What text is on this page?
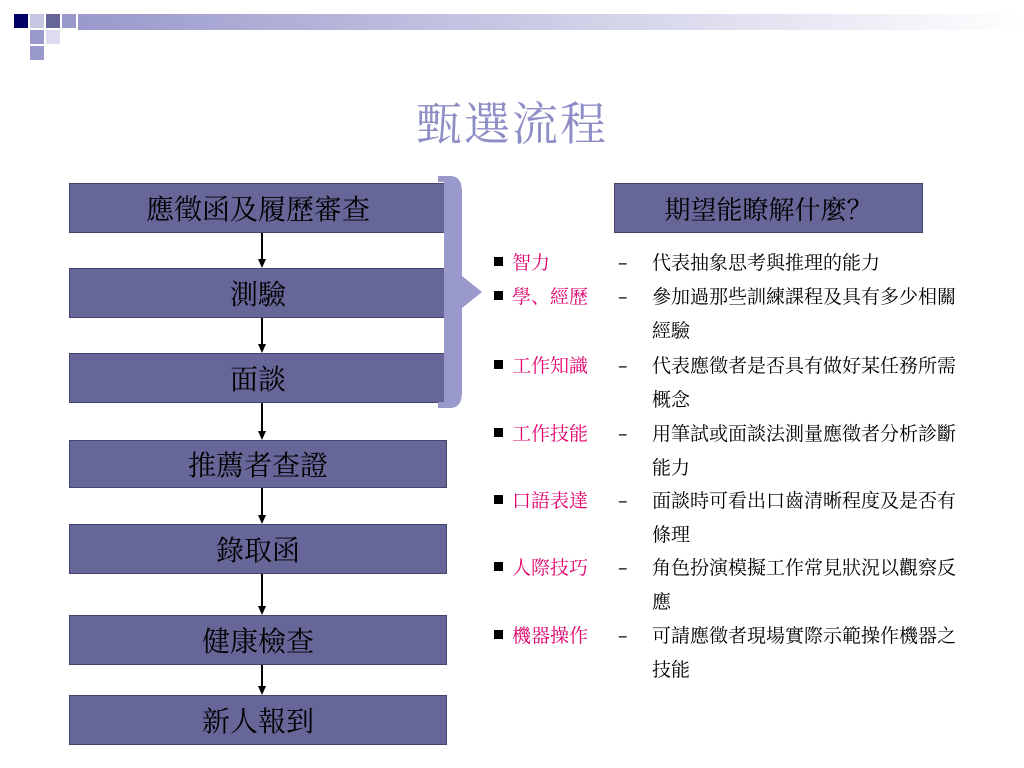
甄選流程
應徵函及履歷審查
測驗
面談
推薦者查證
錄取函
健康檢查
新人報到
期望能瞭解什麼？
智力	– 代表抽象思考與推理的能力
學、經歷 – 參加過那些訓練課程及具有多少相關經驗
工作知識 – 代表應徵者是否具有做好某任務所需概念
工作技能 – 用筆試或面談法測量應徵者分析診斷能力
口語表達 – 面談時可看出口齒清晰程度及是否有條理
人際技巧 – 角色扮演模擬工作常見狀況以觀察反應
機器操作 – 可請應徵者現場實際示範操作機器之技能
